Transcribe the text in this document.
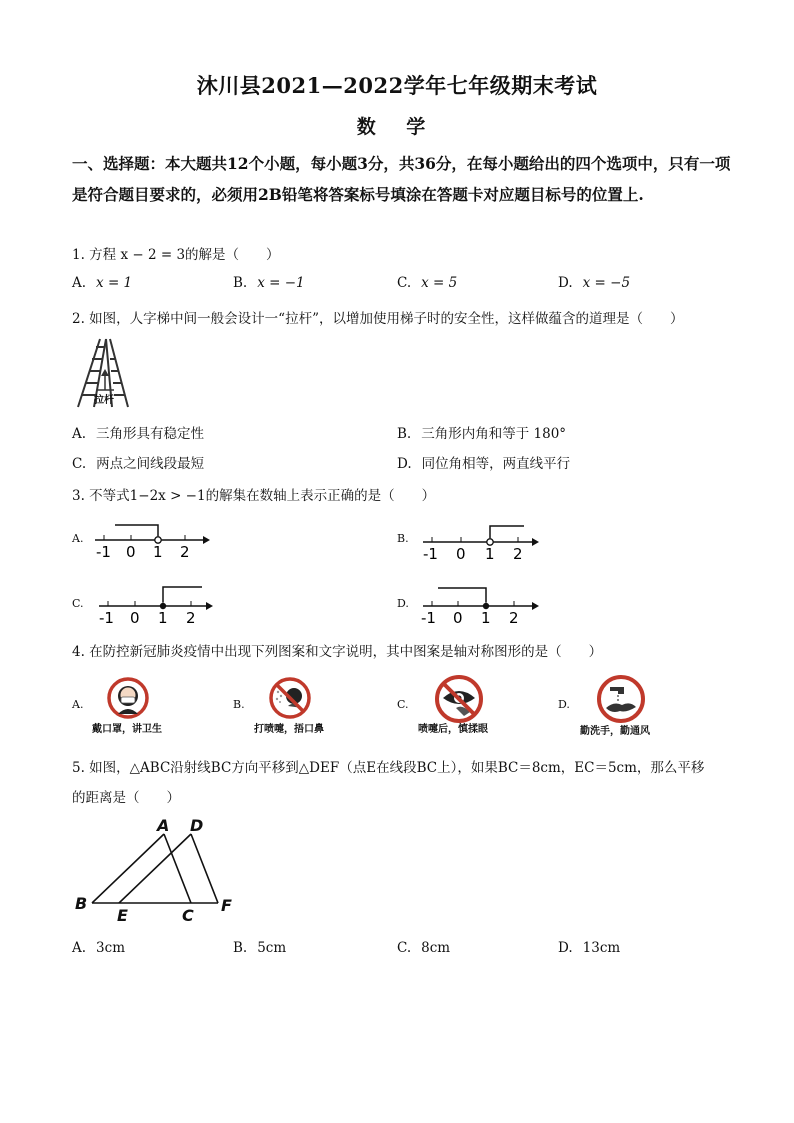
沐川县2021—2022学年七年级期末考试
数 学
一、选择题：本大题共12个小题，每小题3分，共36分，在每小题给出的四个选项中，只有一项是符合题目要求的，必须用2B铅笔将答案标号填涂在答题卡对应题目标号的位置上.
1. 方程 x − 2 = 3的解是（　　）
A. x = 1	B. x = −1	C. x = 5	D. x = −5
2. 如图，人字梯中间一般会设计一“拉杆”，以增加使用梯子时的安全性，这样做蕴含的道理是（　　）
拉杆
A. 三角形具有稳定性	B. 三角形内角和等于 180°
C. 两点之间线段最短	D. 同位角相等，两直线平行
3. 不等式1−2x > −1的解集在数轴上表示正确的是（　　）
A.
-1 0 1 2
B.
-1 0 1 2
C.
-1 0 1 2
D.
-1 0 1 2
4. 在防控新冠肺炎疫情中出现下列图案和文字说明，其中图案是轴对称图形的是（　　）
A.
戴口罩，讲卫生
B.
打喷嚏，捂口鼻
C.
喷嚏后，慎揉眼
D.
勤洗手，勤通风
5. 如图，△ABC沿射线BC方向平移到△DEF（点E在线段BC上），如果BC＝8cm，EC＝5cm，那么平移
的距离是（　　）
A D
B
E	C
F
A. 3cm	B. 5cm	C. 8cm	D. 13cm
